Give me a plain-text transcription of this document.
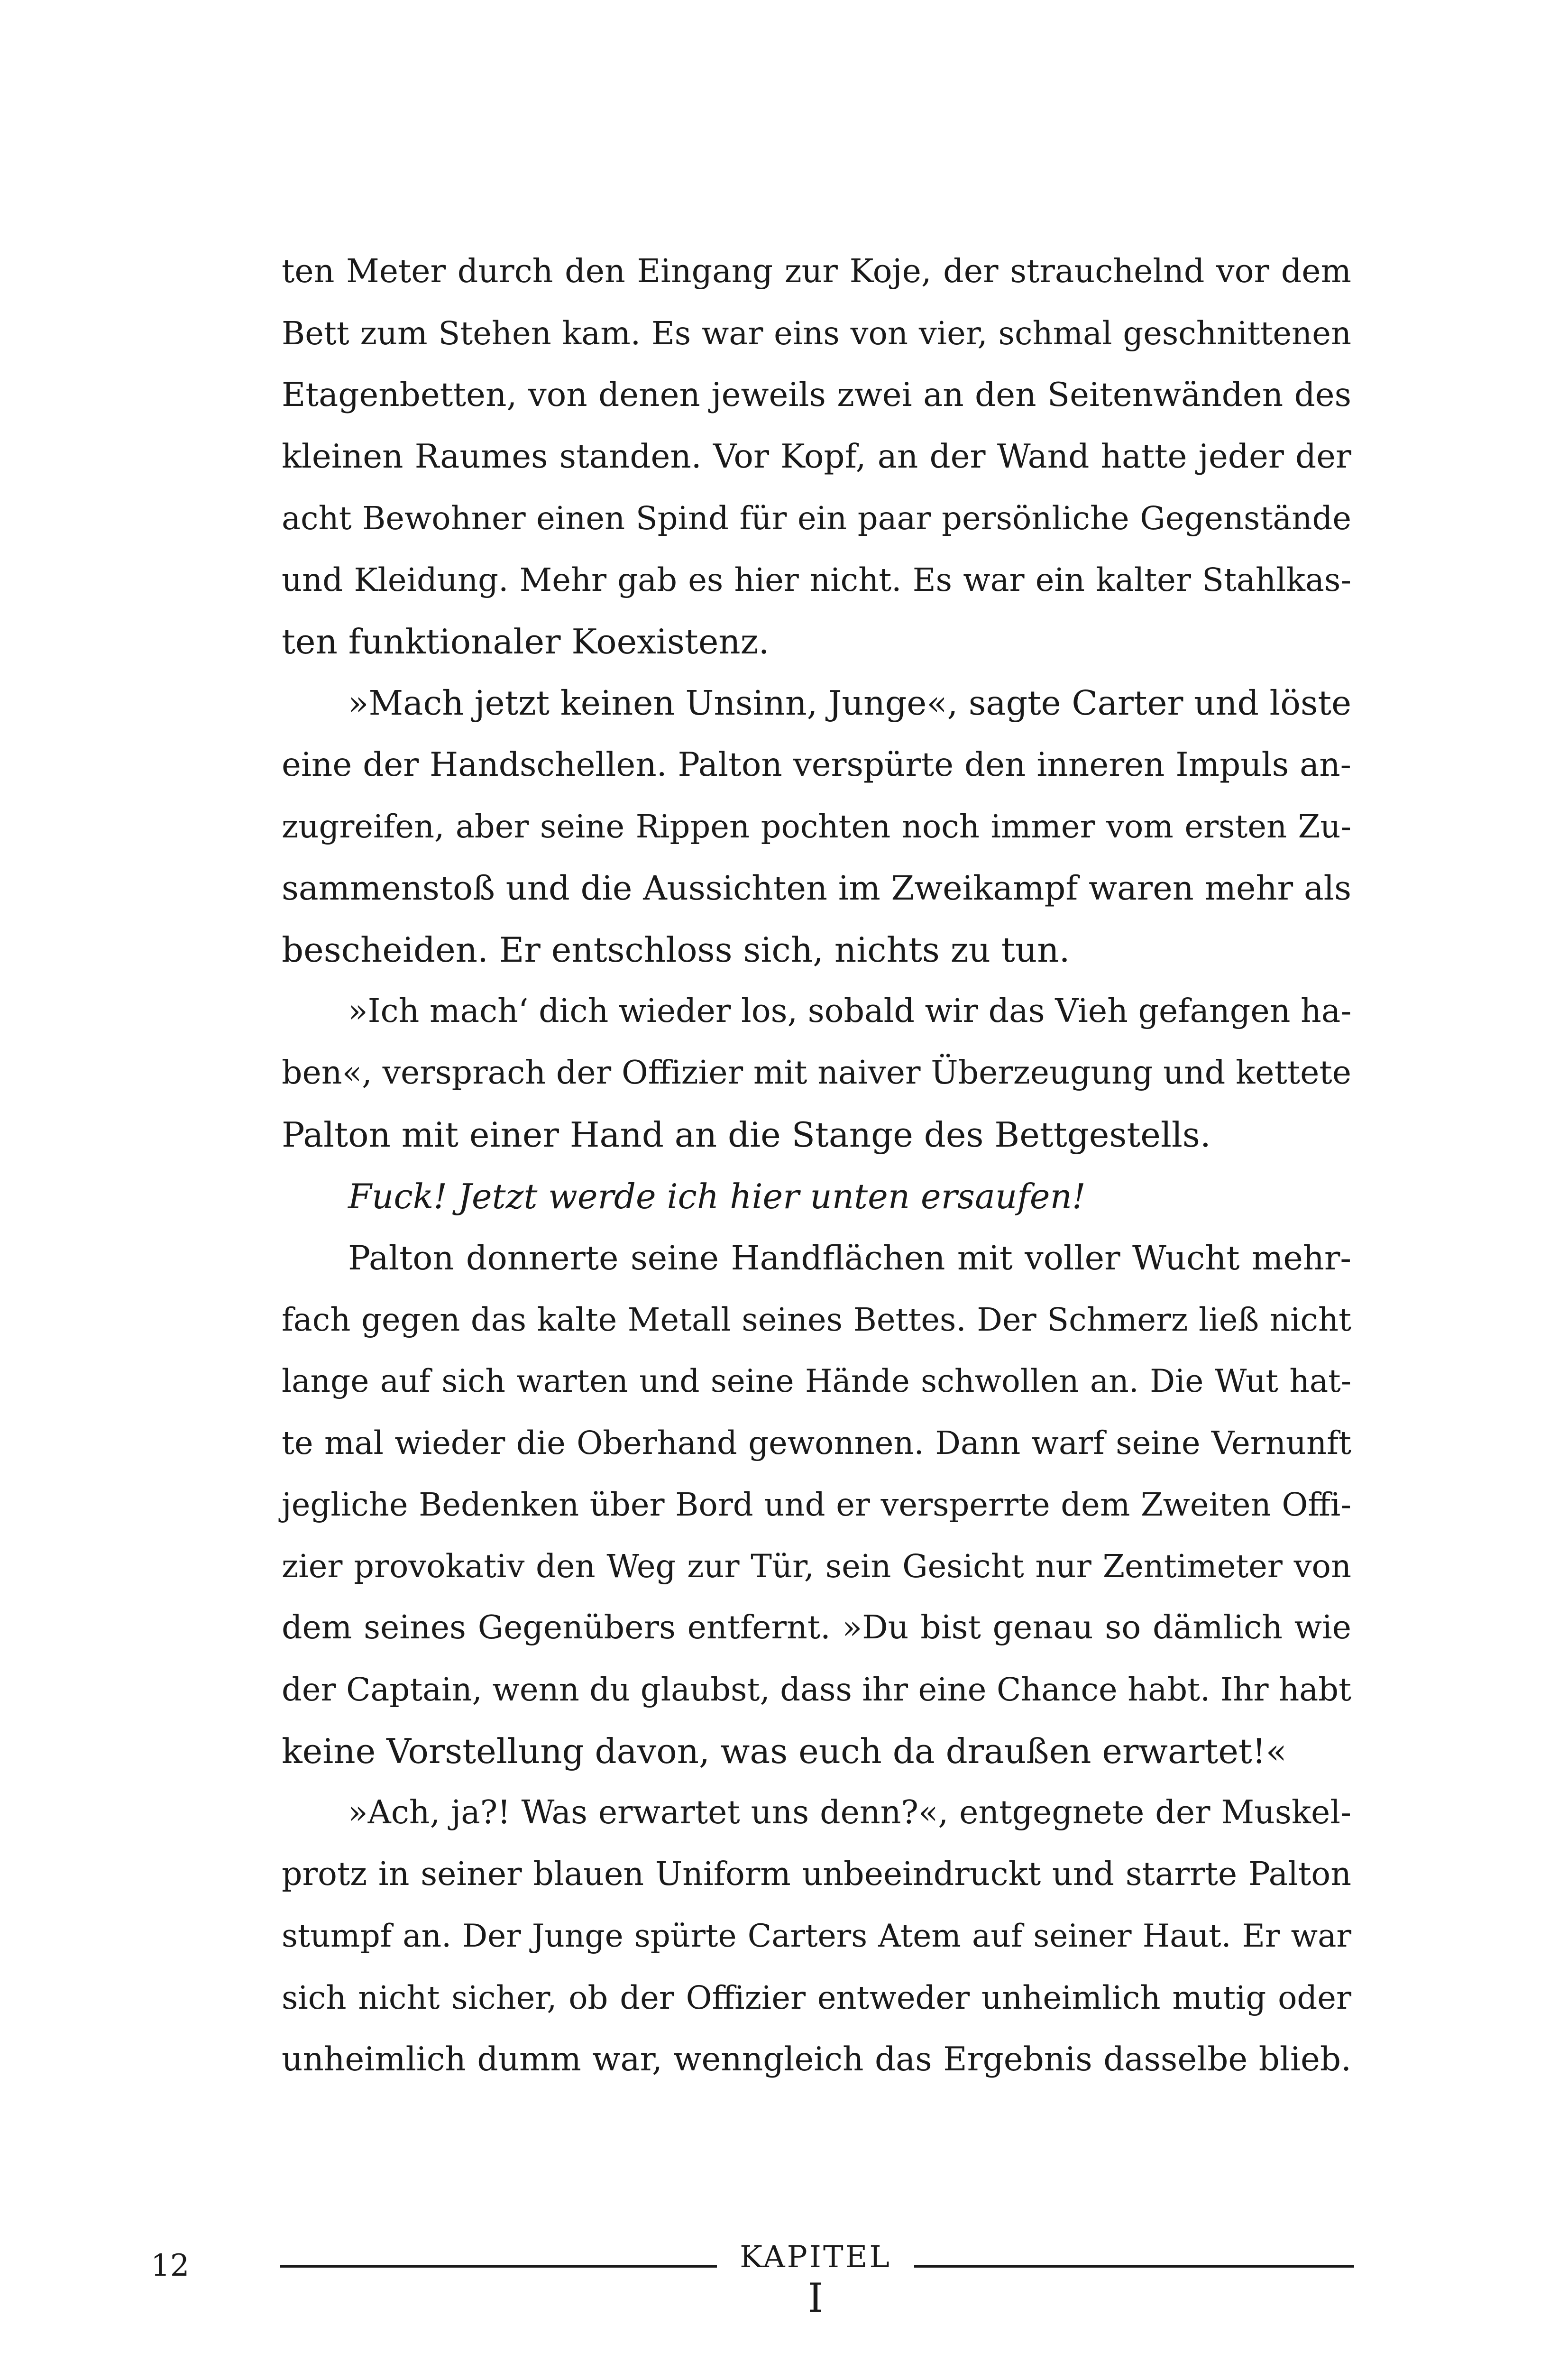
ten Meter durch den Eingang zur Koje, der strauchelnd vor dem
Bett zum Stehen kam. Es war eins von vier, schmal geschnittenen
Etagenbetten, von denen jeweils zwei an den Seitenwänden des
kleinen Raumes standen. Vor Kopf, an der Wand hatte jeder der
acht Bewohner einen Spind für ein paar persönliche Gegenstände
und Kleidung. Mehr gab es hier nicht. Es war ein kalter Stahlkas-
ten funktionaler Koexistenz.
»Mach jetzt keinen Unsinn, Junge«, sagte Carter und löste
eine der Handschellen. Palton verspürte den inneren Impuls an-
zugreifen, aber seine Rippen pochten noch immer vom ersten Zu-
sammenstoß und die Aussichten im Zweikampf waren mehr als
bescheiden. Er entschloss sich, nichts zu tun.
»Ich mach‘ dich wieder los, sobald wir das Vieh gefangen ha-
ben«, versprach der Offizier mit naiver Überzeugung und kettete
Palton mit einer Hand an die Stange des Bettgestells.
Fuck! Jetzt werde ich hier unten ersaufen!
Palton donnerte seine Handflächen mit voller Wucht mehr-
fach gegen das kalte Metall seines Bettes. Der Schmerz ließ nicht
lange auf sich warten und seine Hände schwollen an. Die Wut hat-
te mal wieder die Oberhand gewonnen. Dann warf seine Vernunft
jegliche Bedenken über Bord und er versperrte dem Zweiten Offi-
zier provokativ den Weg zur Tür, sein Gesicht nur Zentimeter von
dem seines Gegenübers entfernt. »Du bist genau so dämlich wie
der Captain, wenn du glaubst, dass ihr eine Chance habt. Ihr habt
keine Vorstellung davon, was euch da draußen erwartet!«
»Ach, ja?! Was erwartet uns denn?«, entgegnete der Muskel-
protz in seiner blauen Uniform unbeeindruckt und starrte Palton
stumpf an. Der Junge spürte Carters Atem auf seiner Haut. Er war
sich nicht sicher, ob der Offizier entweder unheimlich mutig oder
unheimlich dumm war, wenngleich das Ergebnis dasselbe blieb.
12	KAPITEL
I
